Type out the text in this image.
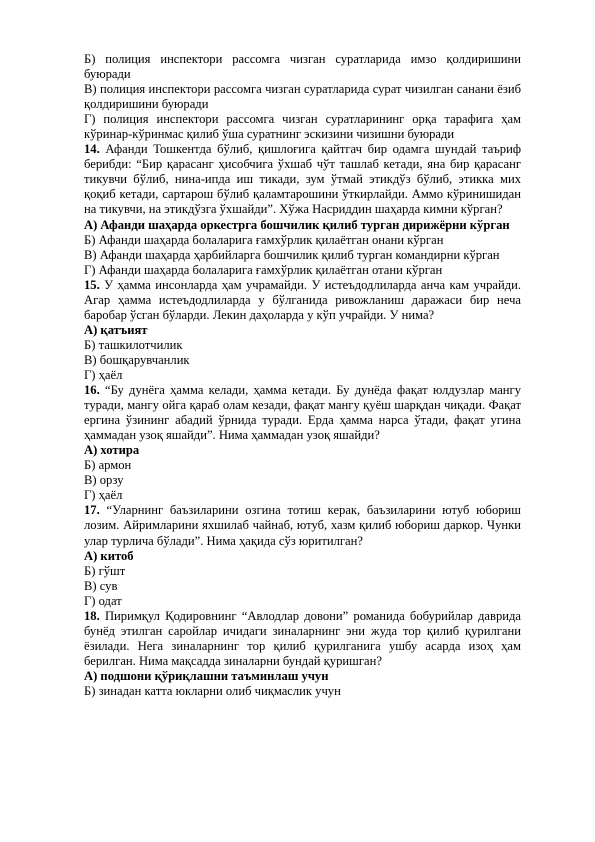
Б) полиция инспектори рассомга чизган суратларида имзо қолдиришини буюради

В) полиция инспектори рассомга чизган суратларида сурат чизилган санани ёзиб қолдиришини буюради

Г) полиция инспектори рассомга чизган суратларининг орқа тарафига ҳам кўринар-кўринмас қилиб ўша суратнинг эскизини чизишни буюради

14. Афанди Тошкентда бўлиб, қишлоғига қайтгач бир одамга шундай таъриф берибди: “Бир қарасанг ҳисобчига ўхшаб чўт ташлаб кетади, яна бир қарасанг тикувчи бўлиб, нина-ипда иш тикади, зум ўтмай этикдўз бўлиб, этикка мих қоқиб кетади, сартарош бўлиб қаламтарошини ўткирлайди. Аммо кўринишидан на тикувчи, на этикдўзга ўхшайди”. Хўжа Насриддин шаҳарда кимни кўрган?

А) Афанди шаҳарда оркестрга бошчилик қилиб турган дирижёрни кўрган

Б) Афанди шаҳарда болаларига ғамхўрлик қилаётган онани кўрган

В) Афанди шаҳарда ҳарбийларга бошчилик қилиб турган командирни кўрган

Г) Афанди шаҳарда болаларига ғамхўрлик қилаётган отани кўрган

15. У ҳамма инсонларда ҳам учрамайди. У истеъдодлиларда анча кам учрайди. Агар ҳамма истеъдодлиларда у бўлганида ривожланиш даражаси бир неча баробар ўсган бўларди. Лекин даҳоларда у кўп учрайди. У нима?

А) қатъият

Б) ташкилотчилик

В) бошқарувчанлик

Г) ҳаёл

16. “Бу дунёга ҳамма келади, ҳамма кетади. Бу дунёда фақат юлдузлар мангу туради, мангу ойга қараб олам кезади, фақат мангу қуёш шарқдан чиқади. Фақат ергина ўзининг абадий ўрнида туради. Ерда ҳамма нарса ўтади, фақат угина ҳаммадан узоқ яшайди”. Нима ҳаммадан узоқ яшайди?

А) хотира

Б) армон

В) орзу

Г) ҳаёл

17. “Уларнинг баъзиларини озгина тотиш керак, баъзиларини ютуб юбориш лозим. Айримларини яхшилаб чайнаб, ютуб, хазм қилиб юбориш даркор. Чунки улар турлича бўлади”. Нима ҳақида сўз юритилган?

А) китоб

Б) гўшт

В) сув

Г) одат

18. Пиримқул Қодировнинг “Авлодлар довони” романида бобурийлар даврида бунёд этилган саройлар ичидаги зиналарнинг эни жуда тор қилиб қурилгани ёзилади. Нега зиналарнинг тор қилиб қурилганига ушбу асарда изоҳ ҳам берилган. Нима мақсадда зиналарни бундай қуришган?

А) подшони қўриқлашни таъминлаш учун

Б) зинадан катта юкларни олиб чиқмаслик учун
